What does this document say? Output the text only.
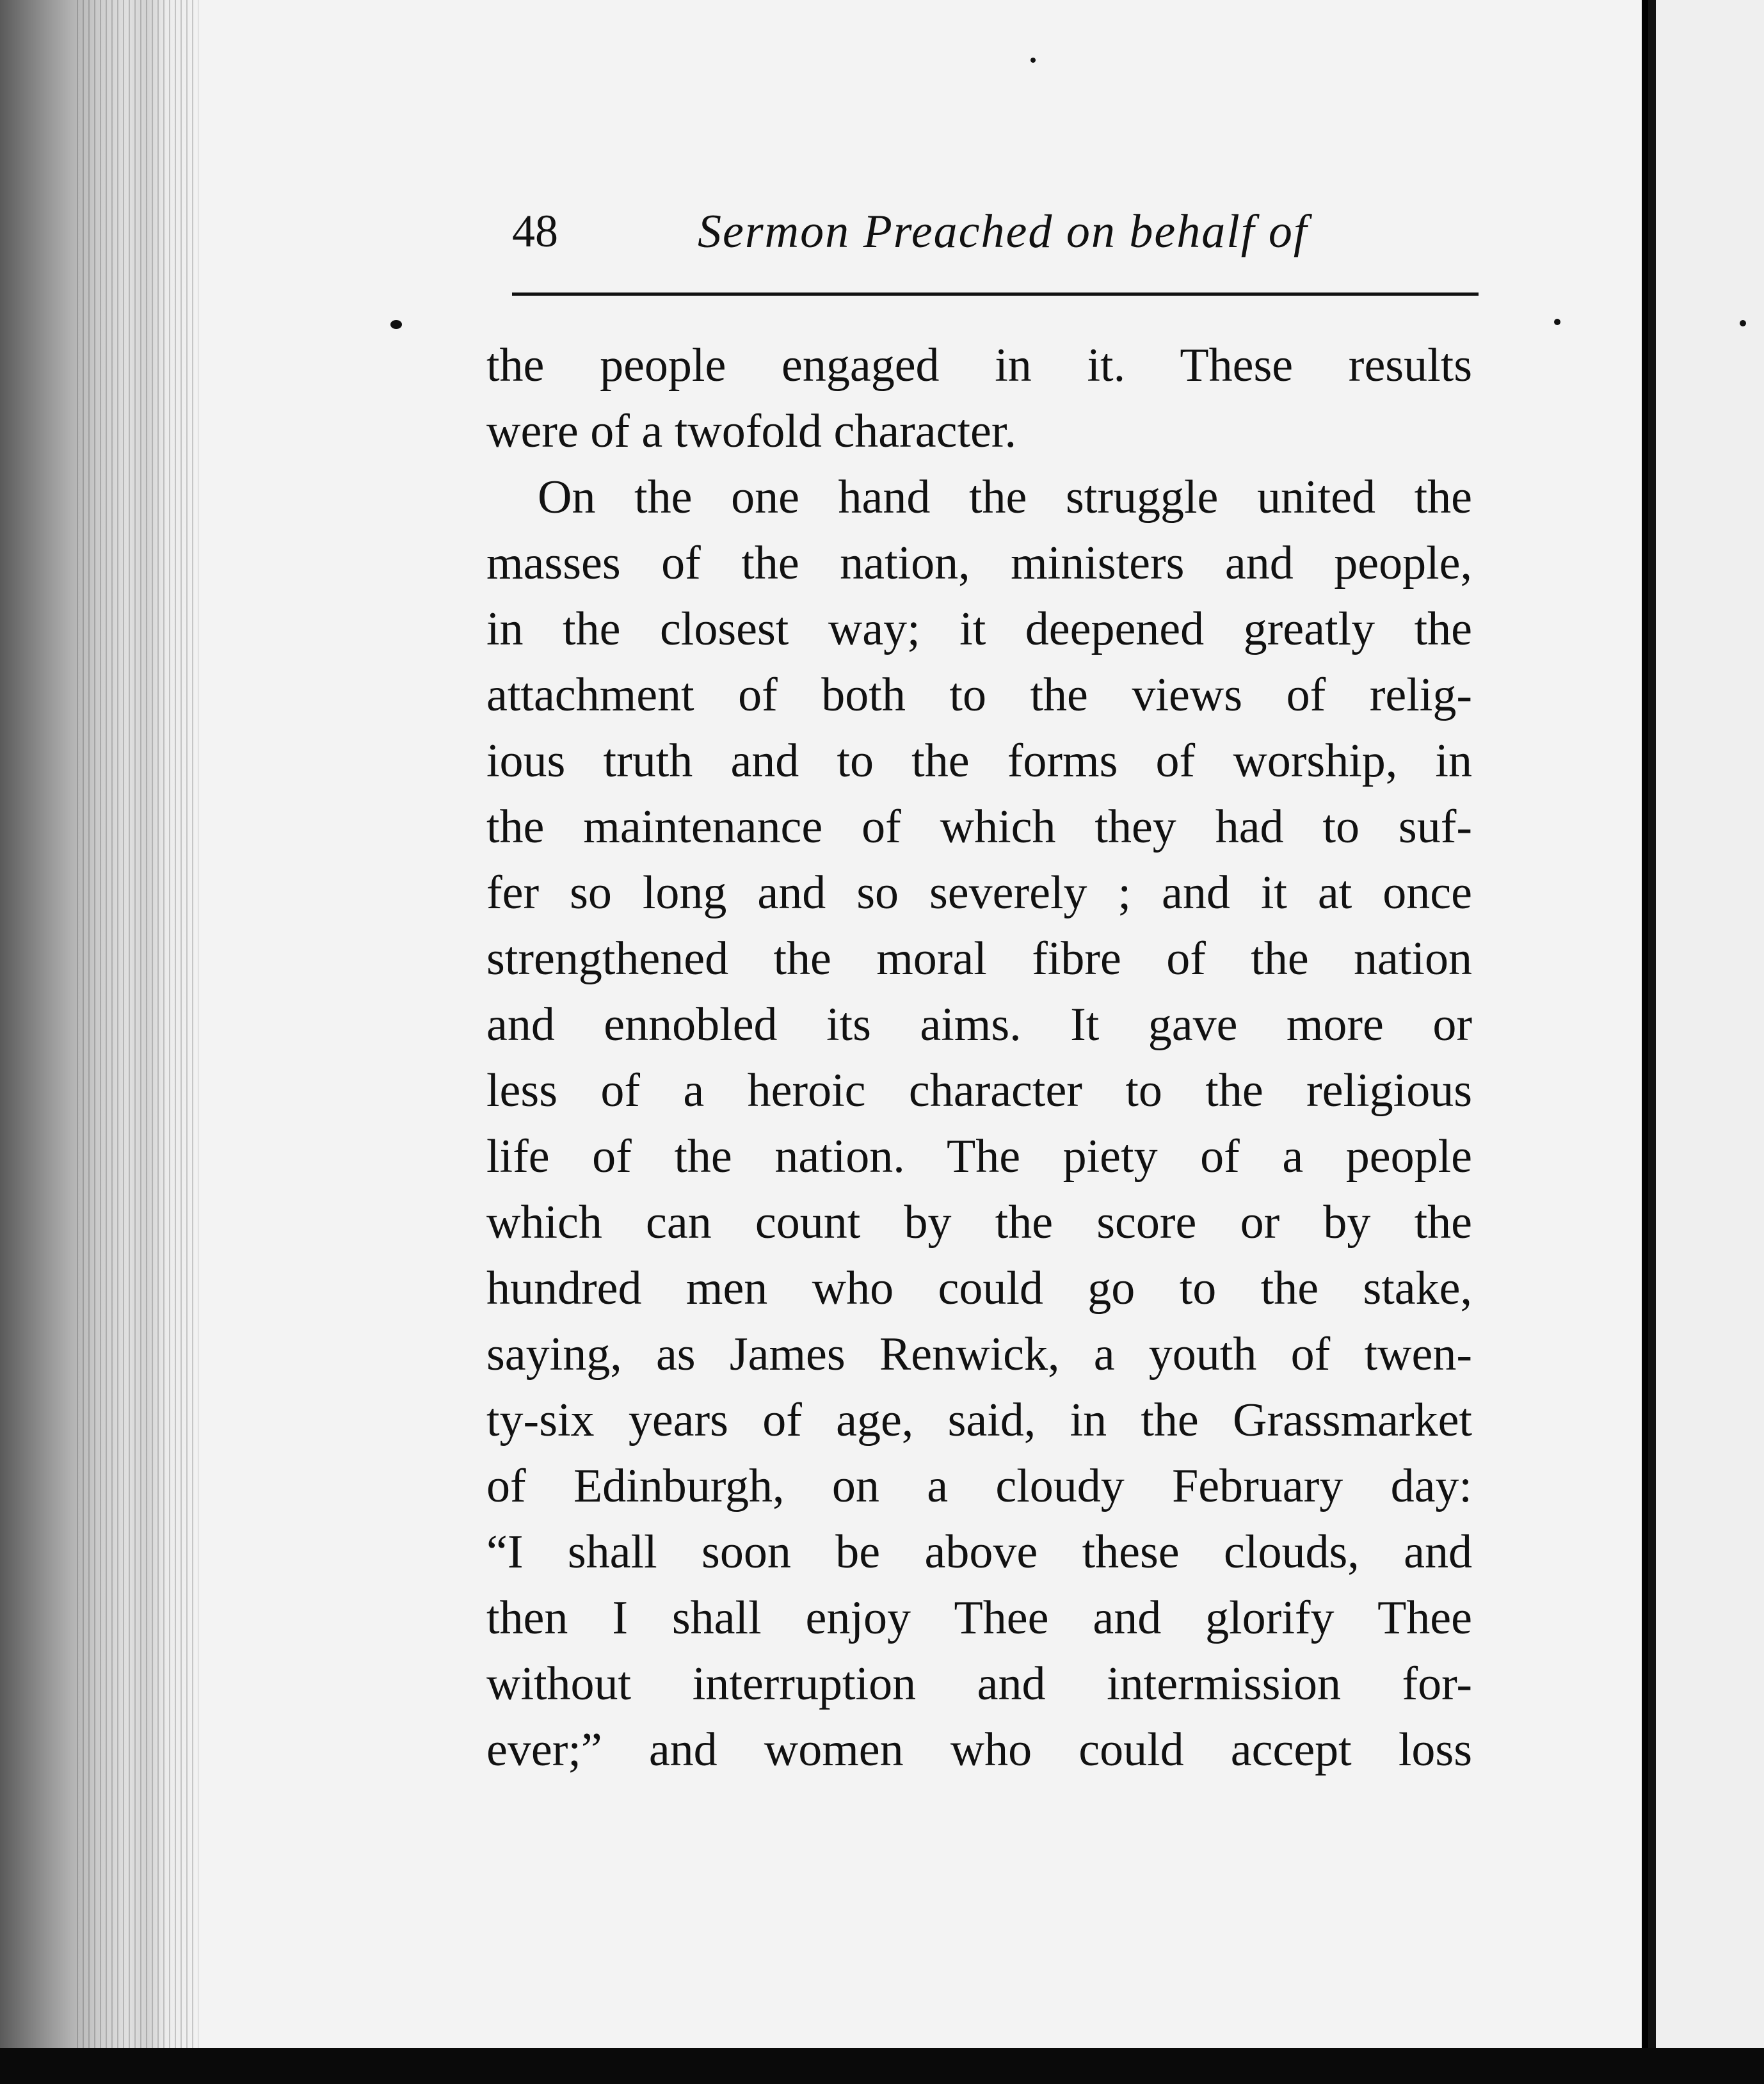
48	Sermon Preached on behalf of
the people engaged in it. These results
were of a twofold character.
On the one hand the struggle united the
masses of the nation, ministers and people,
in the closest way; it deepened greatly the
attachment of both to the views of relig-
ious truth and to the forms of worship, in
the maintenance of which they had to suf-
fer so long and so severely ; and it at once
strengthened the moral fibre of the nation
and ennobled its aims. It gave more or
less of a heroic character to the religious
life of the nation. The piety of a people
which can count by the score or by the
hundred men who could go to the stake,
saying, as James Renwick, a youth of twen-
ty-six years of age, said, in the Grassmarket
of Edinburgh, on a cloudy February day:
“I shall soon be above these clouds, and
then I shall enjoy Thee and glorify Thee
without interruption and intermission for-
ever;” and women who could accept loss
